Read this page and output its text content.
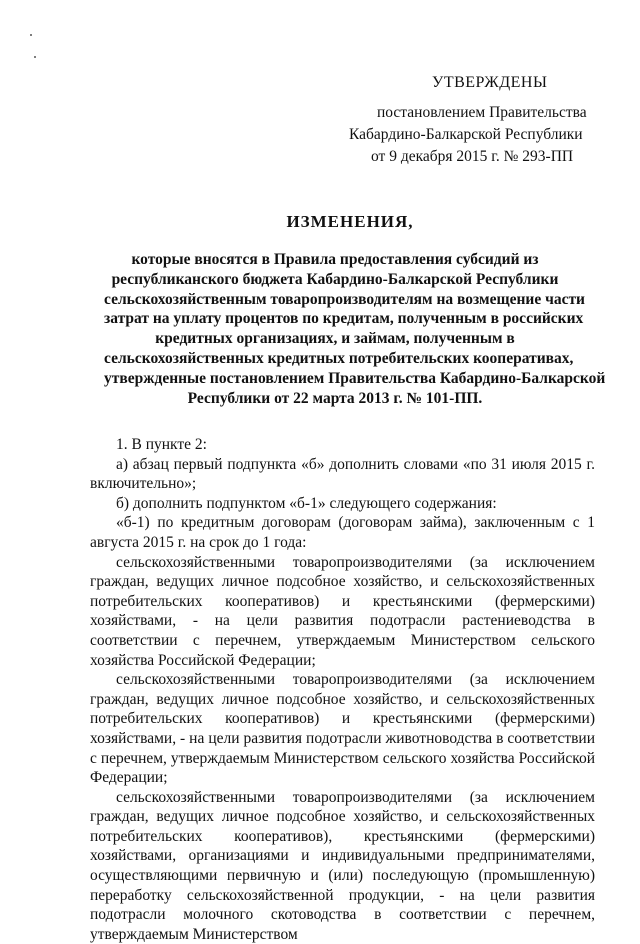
УТВЕРЖДЕНЫ
постановлением Правительства
Кабардино-Балкарской Республики
от 9 декабря 2015 г. № 293-ПП
ИЗМЕНЕНИЯ,
которые вносятся в Правила предоставления субсидий из
республиканского бюджета Кабардино-Балкарской Республики
сельскохозяйственным товаропроизводителям на возмещение части
затрат на уплату процентов по кредитам, полученным в российских
кредитных организациях, и займам, полученным в
сельскохозяйственных кредитных потребительских кооперативах,
утвержденные постановлением Правительства Кабардино-Балкарской
Республики от 22 марта 2013 г. № 101-ПП.

1. В пункте 2:

а) абзац первый подпункта «б» дополнить словами «по 31 июля 2015 г. включительно»;

б) дополнить подпунктом «б-1» следующего содержания:

«б-1) по кредитным договорам (договорам займа), заключенным с 1 августа 2015 г. на срок до 1 года:

сельскохозяйственными товаропроизводителями (за исключением граждан, ведущих личное подсобное хозяйство, и сельскохозяйственных потребительских кооперативов) и крестьянскими (фермерскими) хозяйствами, - на цели развития подотрасли растениеводства в соответствии с перечнем, утверждаемым Министерством сельского хозяйства Российской Федерации;

сельскохозяйственными товаропроизводителями (за исключением граждан, ведущих личное подсобное хозяйство, и сельскохозяйственных потребительских кооперативов) и крестьянскими (фермерскими) хозяйствами, - на цели развития подотрасли животноводства в соответствии с перечнем, утверждаемым Министерством сельского хозяйства Российской Федерации;

сельскохозяйственными товаропроизводителями (за исключением граждан, ведущих личное подсобное хозяйство, и сельскохозяйственных потребительских кооперативов), крестьянскими (фермерскими) хозяйствами, организациями и индивидуальными предпринимателями, осуществляющими первичную и (или) последующую (промышленную) переработку сельскохозяйственной продукции, - на цели развития подотрасли молочного скотоводства в соответствии с перечнем, утверждаемым Министерством
